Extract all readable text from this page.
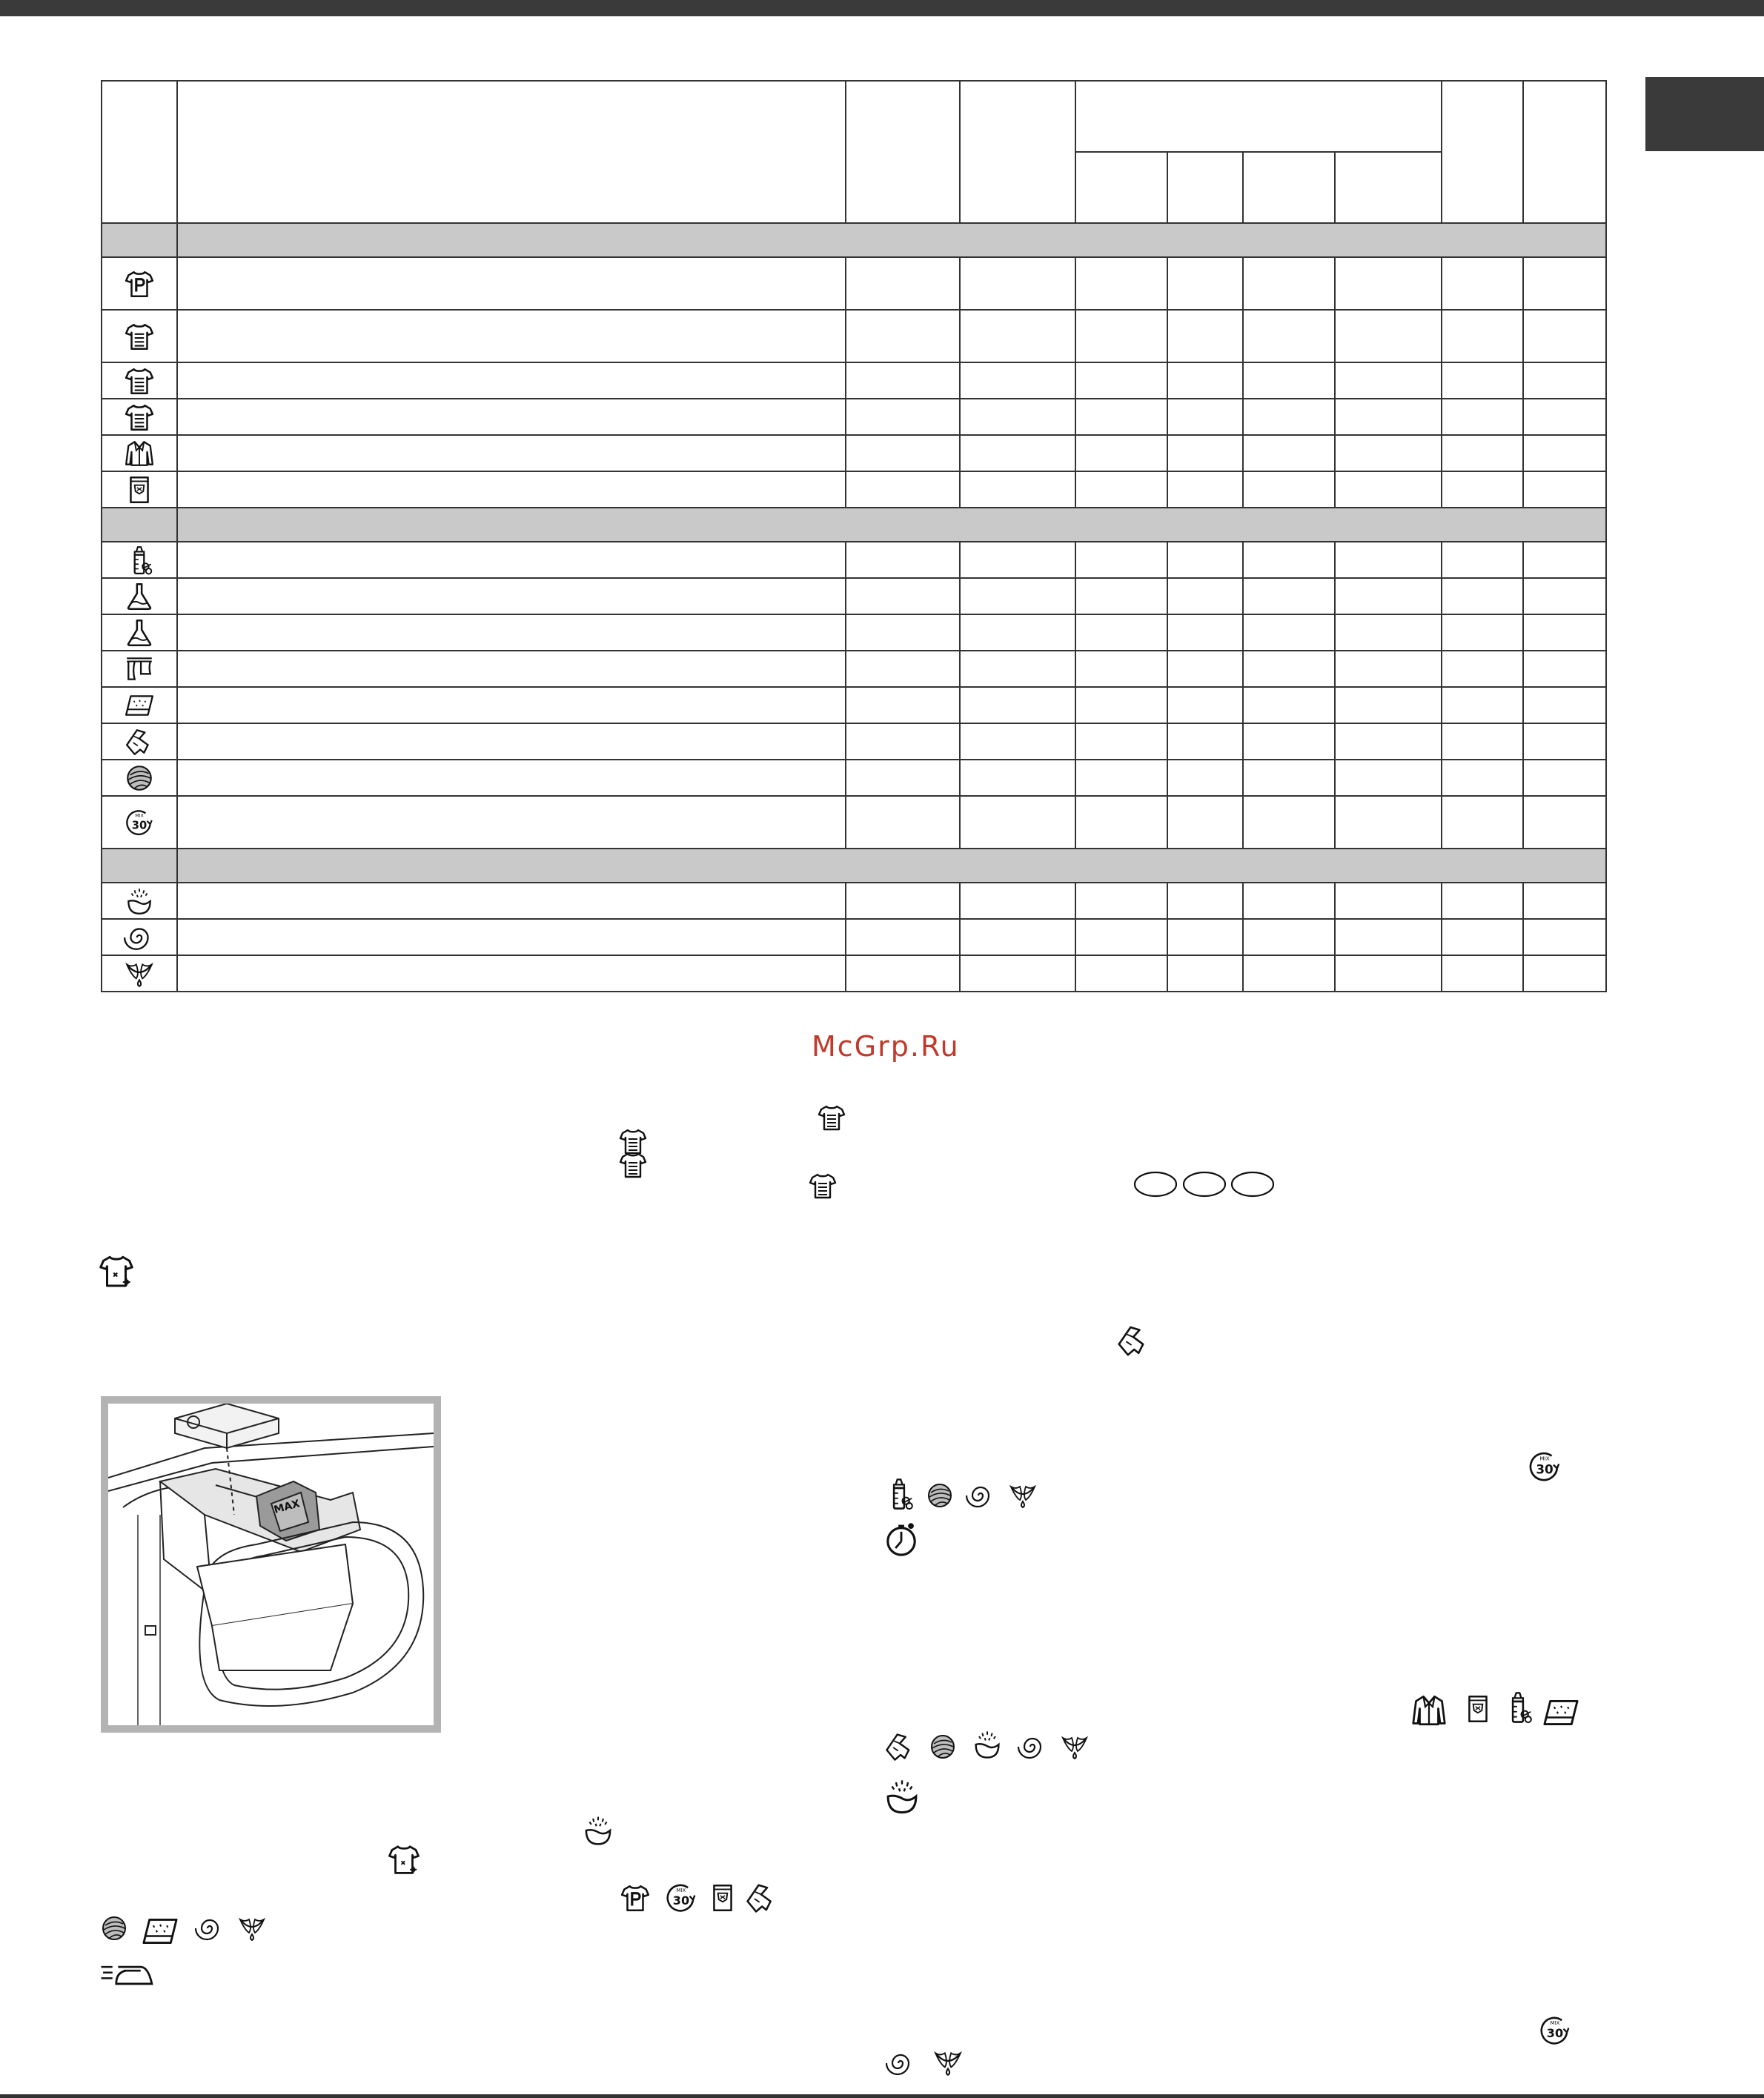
McGrp.Ru
MAX
